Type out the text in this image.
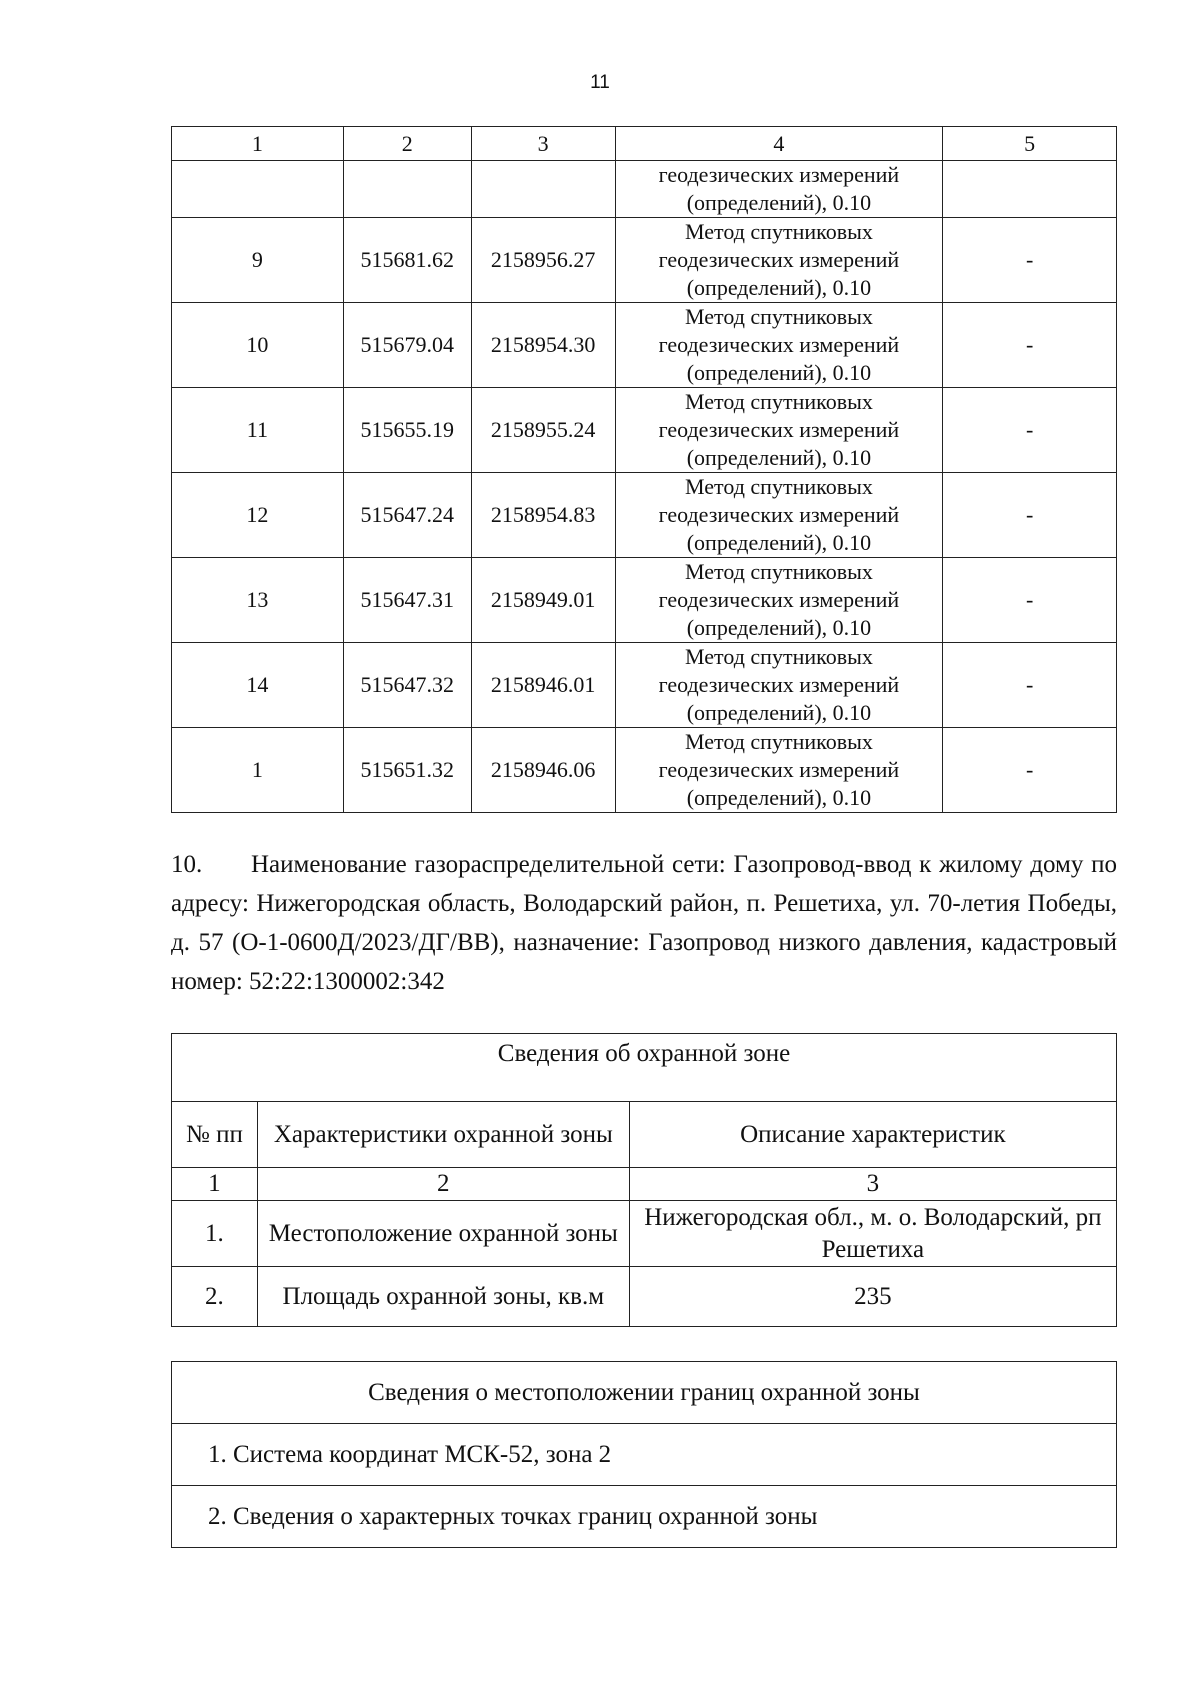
11
1	2	3	4	5

			геодезических измерений
(определений), 0.10	

9	515681.62	2158956.27	Метод спутниковых
геодезических измерений
(определений), 0.10	-
10	515679.04	2158954.30	Метод спутниковых
геодезических измерений
(определений), 0.10	-
11	515655.19	2158955.24	Метод спутниковых
геодезических измерений
(определений), 0.10	-
12	515647.24	2158954.83	Метод спутниковых
геодезических измерений
(определений), 0.10	-
13	515647.31	2158949.01	Метод спутниковых
геодезических измерений
(определений), 0.10	-
14	515647.32	2158946.01	Метод спутниковых
геодезических измерений
(определений), 0.10	-
1	515651.32	2158946.06	Метод спутниковых
геодезических измерений
(определений), 0.10	-

10. Наименование газораспределительной сети: Газопровод-ввод к жилому дому по адресу: Нижегородская область, Володарский район, п. Решетиха, ул. 70-летия Победы, д. 57 (О-1-0600Д/2023/ДГ/ВВ), назначение: Газопровод низкого давления, кадастровый номер: 52:22:1300002:342

Сведения об охранной зоне		
№ пп	Характеристики охранной зоны	Описание характеристик
1	2	3
1.	Местоположение охранной зоны	Нижегородская обл., м. о. Володарский, рп Решетиха
2.	Площадь охранной зоны, кв.м	235
Сведения о местоположении границ охранной зоны
1. Система координат МСК-52, зона 2
2. Сведения о характерных точках границ охранной зоны
